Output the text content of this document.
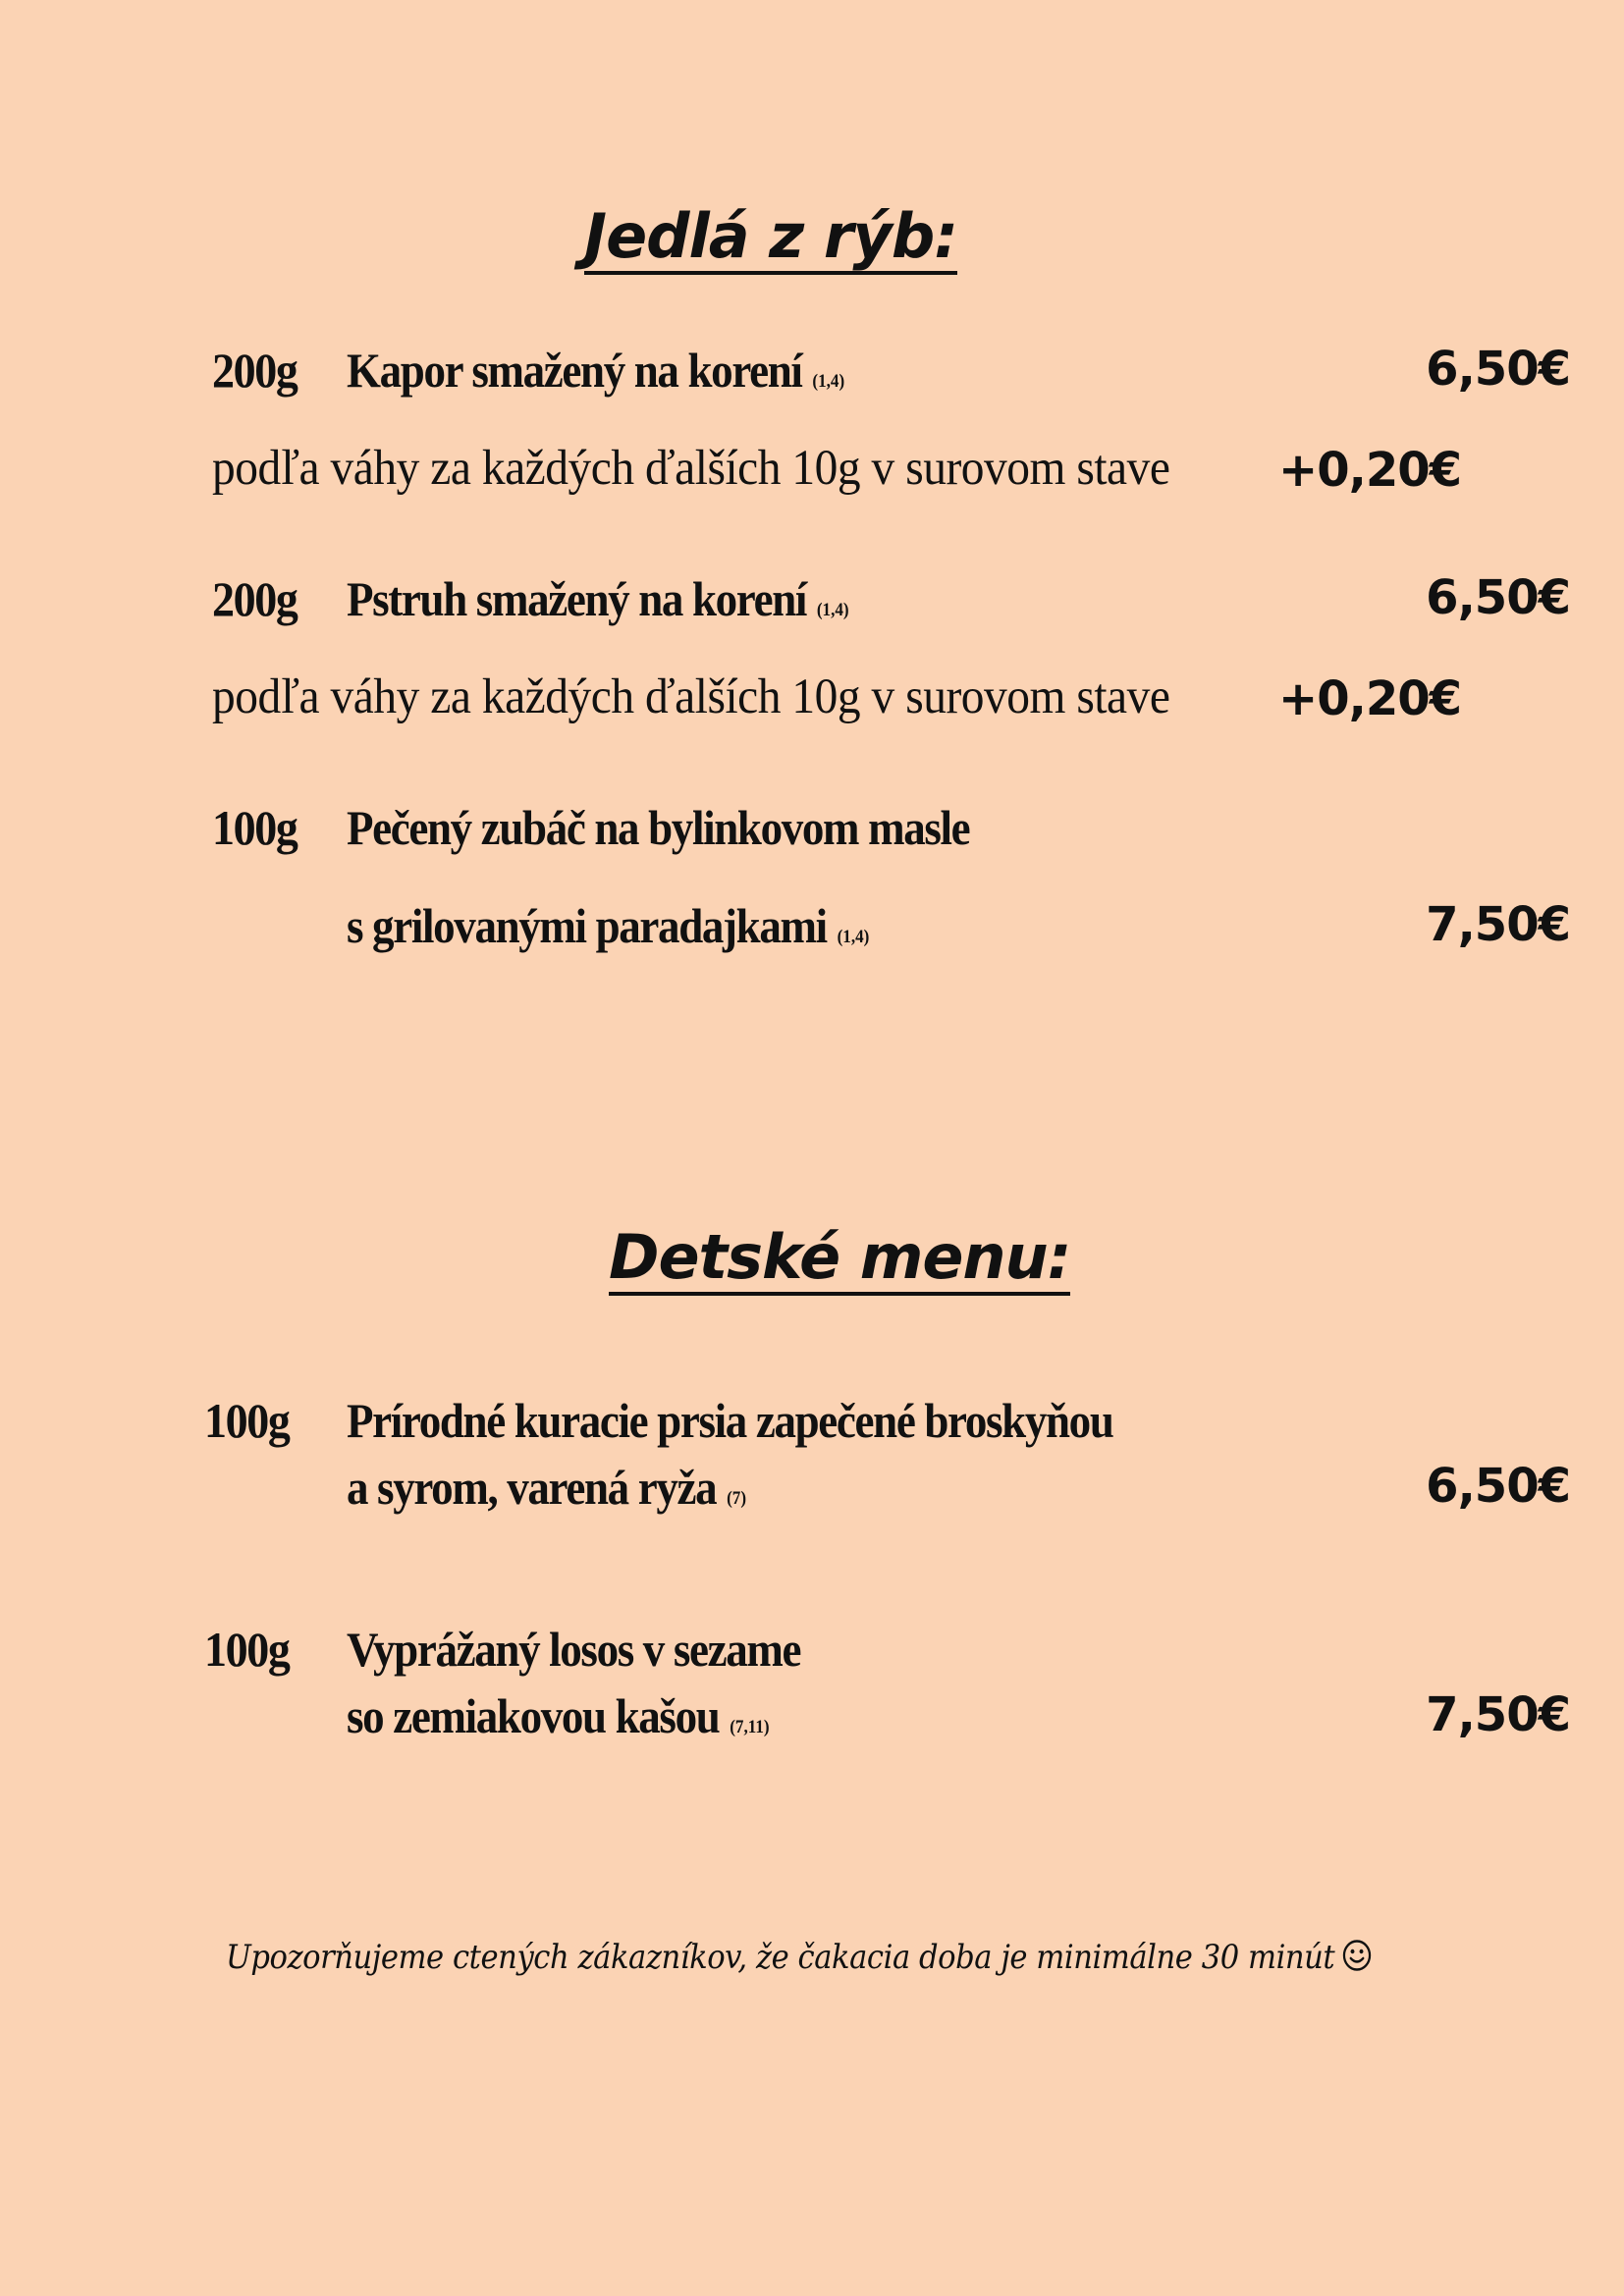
Jedlá z rýb:
200g Kapor smažený na korení (1,4)	6,50€
podľa váhy za každých ďalších 10g v surovom stave +0,20€
200g Pstruh smažený na korení (1,4)	6,50€
podľa váhy za každých ďalších 10g v surovom stave +0,20€
100g Pečený zubáč na bylinkovom masle
s grilovanými paradajkami (1,4)	7,50€
Detské menu:
100g Prírodné kuracie prsia zapečené broskyňou
a syrom, varená ryža (7)	6,50€
100g Vyprážaný losos v sezame
so zemiakovou kašou (7,11)	7,50€
Upozorňujeme ctených zákazníkov, že čakacia doba je minimálne 30 minút
